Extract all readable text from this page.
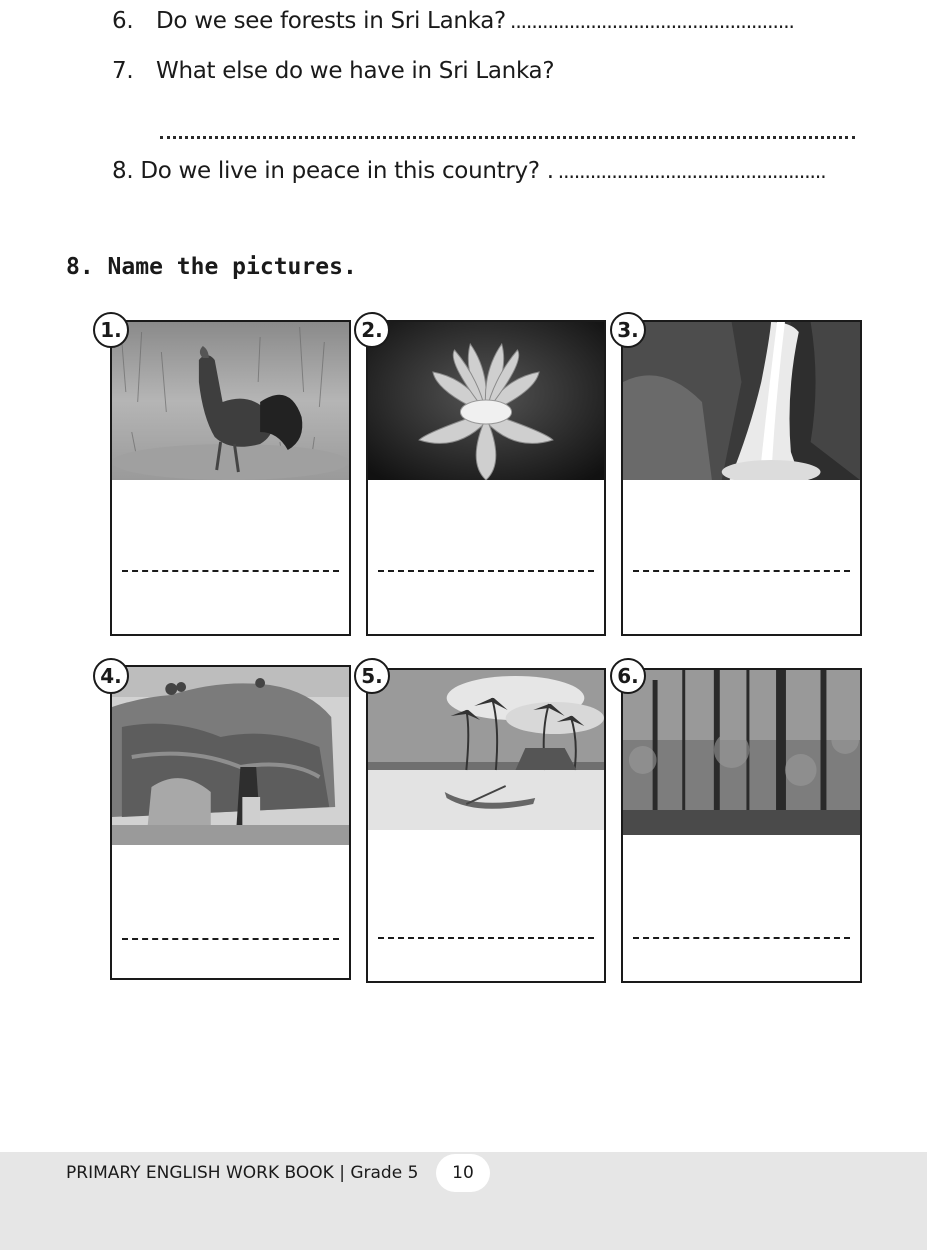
6. Do we see forests in Sri Lanka? .....................................................
7. What else do we have in Sri Lanka?
8. Do we live in peace in this country? . ..................................................
8. Name the pictures.
1.	2.	3.
4.	5.	6.
PRIMARY ENGLISH WORK BOOK | Grade 5	10
